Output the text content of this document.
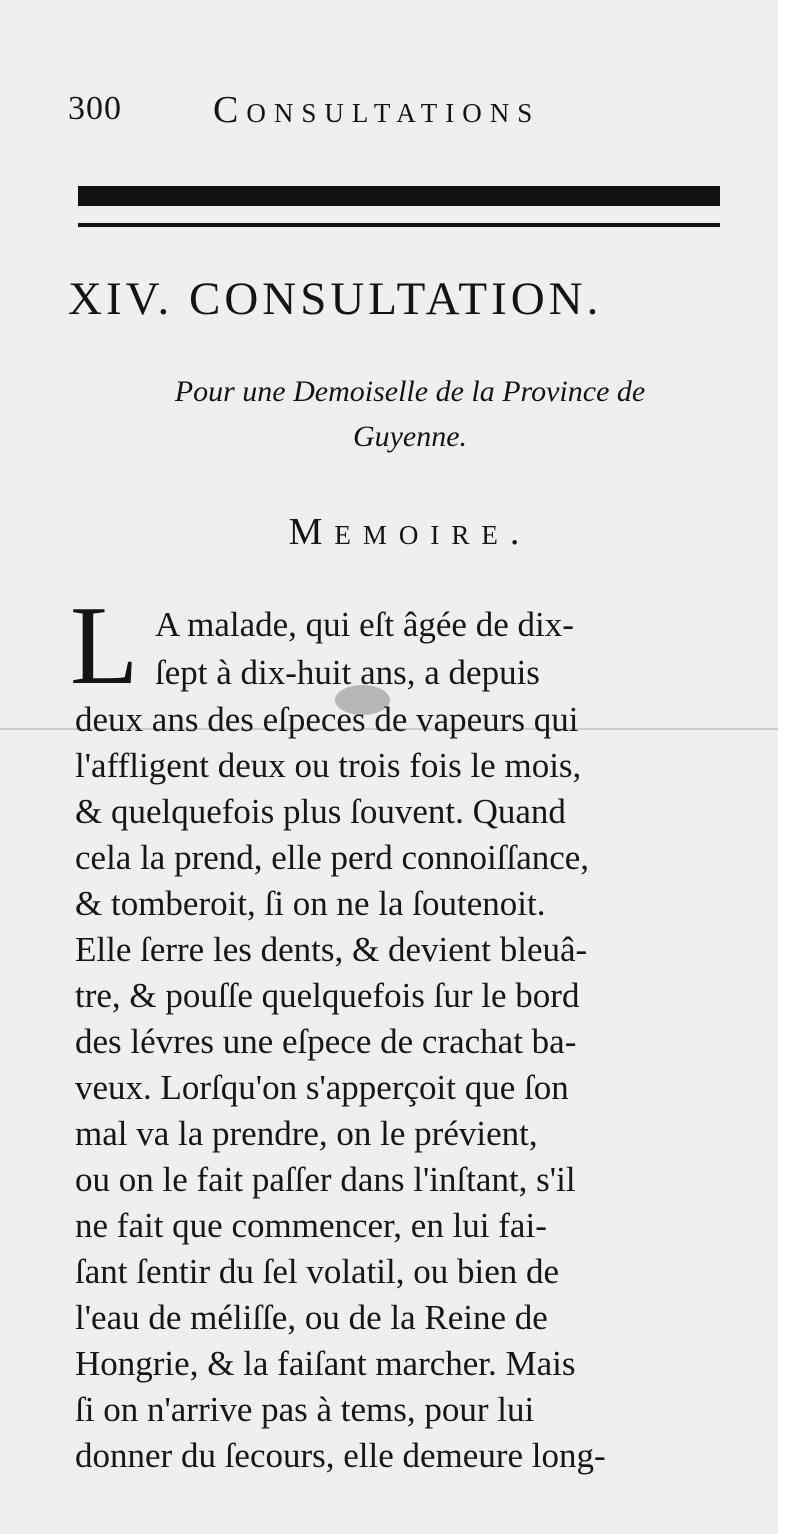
300 Consultations
XIV. CONSULTATION.
Pour une Demoiselle de la Province de
Guyenne.
Memoire.
L A malade, qui eſt âgée de dix-
ſept à dix-huit ans, a depuis
deux ans des eſpeces de vapeurs qui
l'affligent deux ou trois fois le mois,
& quelquefois plus ſouvent. Quand
cela la prend, elle perd connoiſſance,
& tomberoit, ſi on ne la ſoutenoit.
Elle ſerre les dents, & devient bleuâ-
tre, & pouſſe quelquefois ſur le bord
des lévres une eſpece de crachat ba-
veux. Lorſqu'on s'apperçoit que ſon
mal va la prendre, on le prévient,
ou on le fait paſſer dans l'inſtant, s'il
ne fait que commencer, en lui fai-
ſant ſentir du ſel volatil, ou bien de
l'eau de méliſſe, ou de la Reine de
Hongrie, & la faiſant marcher. Mais
ſi on n'arrive pas à tems, pour lui
donner du ſecours, elle demeure long-
